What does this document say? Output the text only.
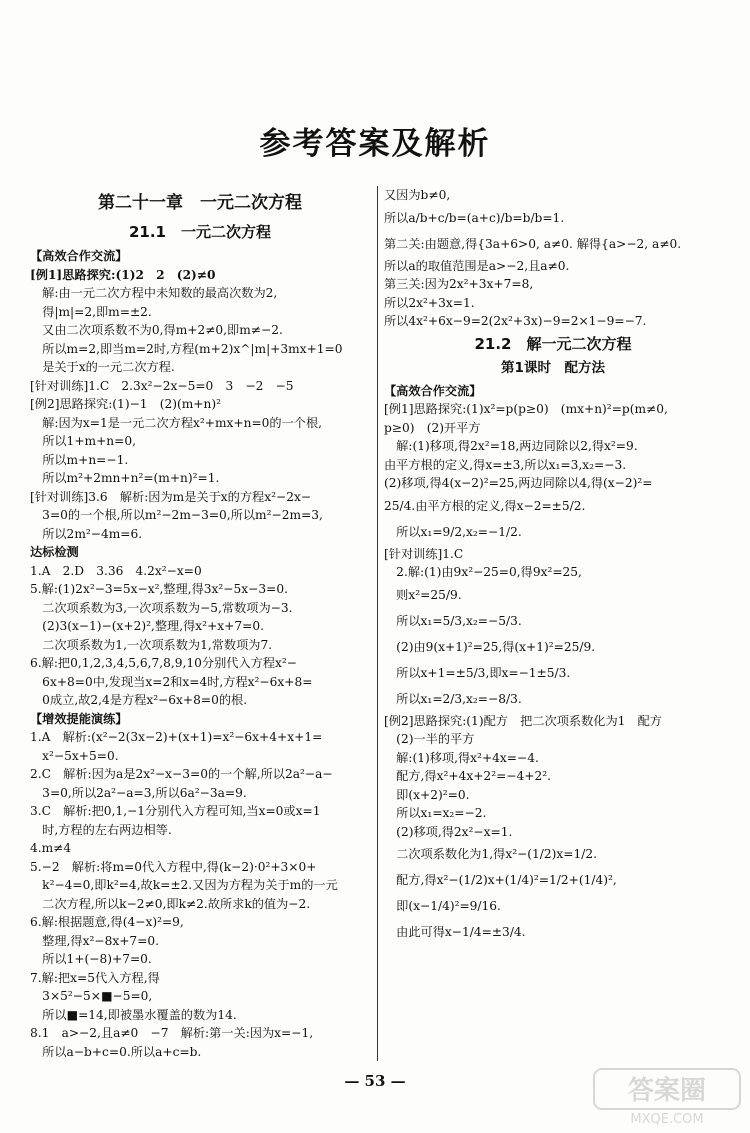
参考答案及解析
第二十一章　一元二次方程
21.1　一元二次方程
【高效合作交流】
[例1]思路探究:(1)2　2　(2)≠0
　解:由一元二次方程中未知数的最高次数为2,
得|m|=2,即m=±2.
　又由二次项系数不为0,得m+2≠0,即m≠−2.
　所以m=2,即当m=2时,方程(m+2)x^|m|+3mx+1=0
是关于x的一元二次方程.
[针对训练]1.C　2.3x²−2x−5=0　3　−2　−5
[例2]思路探究:(1)−1　(2)(m+n)²
　解:因为x=1是一元二次方程x²+mx+n=0的一个根,
所以1+m+n=0,
所以m+n=−1.
所以m²+2mn+n²=(m+n)²=1.
[针对训练]3.6　解析:因为m是关于x的方程x²−2x−
　3=0的一个根,所以m²−2m−3=0,所以m²−2m=3,
所以2m²−4m=6.
达标检测
1.A　2.D　3.36　4.2x²−x=0
5.解:(1)2x²−3=5x−x²,整理,得3x²−5x−3=0.
　二次项系数为3,一次项系数为−5,常数项为−3.
　(2)3(x−1)−(x+2)²,整理,得x²+x+7=0.
　二次项系数为1,一次项系数为1,常数项为7.
6.解:把0,1,2,3,4,5,6,7,8,9,10分别代入方程x²−
　6x+8=0中,发现当x=2和x=4时,方程x²−6x+8=
　0成立,故2,4是方程x²−6x+8=0的根.
【增效提能演练】
1.A　解析:(x²−2(3x−2)+(x+1)=x²−6x+4+x+1=
　x²−5x+5=0.
2.C　解析:因为a是2x²−x−3=0的一个解,所以2a²−a−
　3=0,所以2a²−a=3,所以6a²−3a=9.
3.C　解析:把0,1,−1分别代入方程可知,当x=0或x=1
　时,方程的左右两边相等.
4.m≠4
5.−2　解析:将m=0代入方程中,得(k−2)·0²+3×0+
　k²−4=0,即k²=4,故k=±2.又因为方程为关于m的一元
　二次方程,所以k−2≠0,即k≠2.故所求k的值为−2.
6.解:根据题意,得(4−x)²=9,
　整理,得x²−8x+7=0.
　所以1+(−8)+7=0.
7.解:把x=5代入方程,得
　3×5²−5×■−5=0,
　所以■=14,即被墨水覆盖的数为14.
8.1　a>−2,且a≠0　−7　解析:第一关:因为x=−1,
　所以a−b+c=0.所以a+c=b.
又因为b≠0,
所以a/b+c/b=(a+c)/b=b/b=1.
第二关:由题意,得{3a+6>0, a≠0. 解得{a>−2, a≠0.
所以a的取值范围是a>−2,且a≠0.
第三关:因为2x²+3x+7=8,
所以2x²+3x=1.
所以4x²+6x−9=2(2x²+3x)−9=2×1−9=−7.
21.2　解一元二次方程
第1课时　配方法
【高效合作交流】
[例1]思路探究:(1)x²=p(p≥0)　(mx+n)²=p(m≠0,
p≥0)　(2)开平方
　解:(1)移项,得2x²=18,两边同除以2,得x²=9.
由平方根的定义,得x=±3,所以x₁=3,x₂=−3.
(2)移项,得4(x−2)²=25,两边同除以4,得(x−2)²=
25/4.由平方根的定义,得x−2=±5/2.
　所以x₁=9/2,x₂=−1/2.
[针对训练]1.C
　2.解:(1)由9x²−25=0,得9x²=25,
　则x²=25/9.
　所以x₁=5/3,x₂=−5/3.
　(2)由9(x+1)²=25,得(x+1)²=25/9.
　所以x+1=±5/3,即x=−1±5/3.
　所以x₁=2/3,x₂=−8/3.
[例2]思路探究:(1)配方　把二次项系数化为1　配方
　(2)一半的平方
　解:(1)移项,得x²+4x=−4.
　配方,得x²+4x+2²=−4+2².
　即(x+2)²=0.
　所以x₁=x₂=−2.
　(2)移项,得2x²−x=1.
　二次项系数化为1,得x²−(1/2)x=1/2.
　配方,得x²−(1/2)x+(1/4)²=1/2+(1/4)²,
　即(x−1/4)²=9/16.
　由此可得x−1/4=±3/4.
— 53 —	答案圈
MXQE.COM
